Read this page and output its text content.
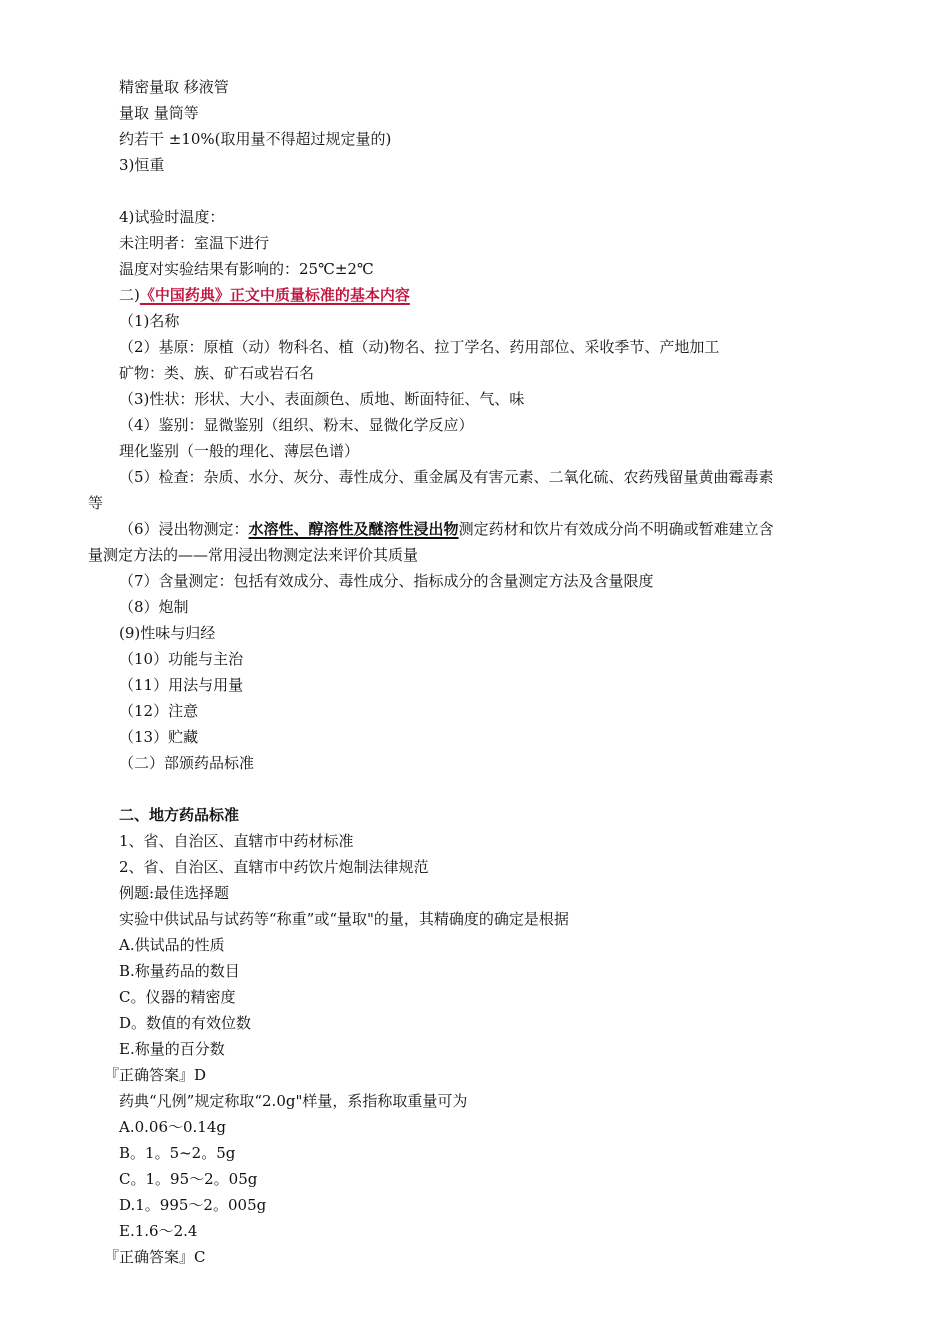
精密量取 移液管
量取 量筒等
约若干 ±10%(取用量不得超过规定量的)
3)恒重
4)试验时温度：
未注明者：室温下进行
温度对实验结果有影响的：25℃±2℃
二)《中国药典》正文中质量标准的基本内容
（1)名称
（2）基原：原植（动）物科名、植（动)物名、拉丁学名、药用部位、采收季节、产地加工
矿物：类、族、矿石或岩石名
（3)性状：形状、大小、表面颜色、质地、断面特征、气、味
（4）鉴别：显微鉴别（组织、粉末、显微化学反应）
理化鉴别（一般的理化、薄层色谱）
（5）检查：杂质、水分、灰分、毒性成分、重金属及有害元素、二氧化硫、农药残留量黄曲霉毒素
等
（6）浸出物测定：水溶性、醇溶性及醚溶性浸出物测定药材和饮片有效成分尚不明确或暂难建立含
量测定方法的——常用浸出物测定法来评价其质量
（7）含量测定：包括有效成分、毒性成分、指标成分的含量测定方法及含量限度
（8）炮制
(9)性味与归经
（10）功能与主治
（11）用法与用量
（12）注意
（13）贮藏
（二）部颁药品标准
二、地方药品标准
1、省、自治区、直辖市中药材标准
2、省、自治区、直辖市中药饮片炮制法律规范
例题:最佳选择题
实验中供试品与试药等“称重”或“量取"的量，其精确度的确定是根据
A.供试品的性质
B.称量药品的数目
C。仪器的精密度
D。数值的有效位数
E.称量的百分数
『正确答案』D
药典“凡例”规定称取“2.0g"样量，系指称取重量可为
A.0.06～0.14g
B。1。5~2。5g
C。1。95～2。05g
D.1。995～2。005g
E.1.6～2.4
『正确答案』C
